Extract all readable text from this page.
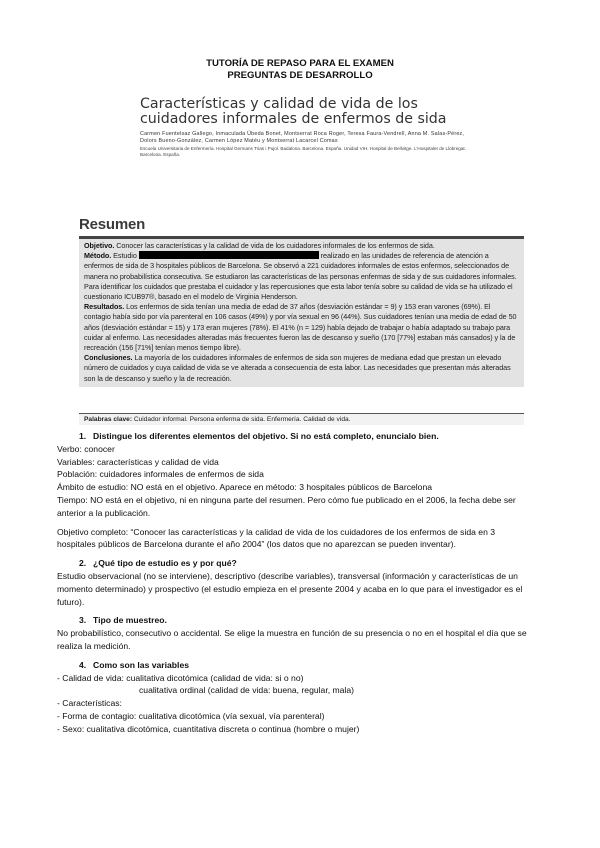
TUTORÍA DE REPASO PARA EL EXAMEN
PREGUNTAS DE DESARROLLO
Características y calidad de vida de los cuidadores informales de enfermos de sida
Carmen Fuentelsaz Gallego, Inmaculada Úbeda Bonet, Montserrat Roca Roger, Teresa Faura-Vendrell, Anna M. Salas-Pérez, Dolors Bueno-González, Carmen López Matéu y Montserrat Lacarcel Comas
Escuela Universitaria de Enfermería. Hospital Germans Trias i Pujol. Badalona. Barcelona. España. Unidad VIH. Hospital de Bellvitge. L'Hospitalet de Llobregat. Barcelona. España.
Resumen

Objetivo. Conocer las características y la calidad de vida de los cuidadores informales de los enfermos de sida.

Método. Estudio	realizado en las unidades de referencia de atención a enfermos de sida de 3 hospitales públicos de Barcelona. Se observó a 221 cuidadores informales de estos enfermos, seleccionados de manera no probabilística consecutiva. Se estudiaron las características de las personas enfermas de sida y de sus cuidadores informales. Para identificar los cuidados que prestaba el cuidador y las repercusiones que esta labor tenía sobre su calidad de vida se ha utilizado el cuestionario ICUB97®, basado en el modelo de Virginia Henderson.

Resultados. Los enfermos de sida tenían una media de edad de 37 años (desviación estándar = 9) y 153 eran varones (69%). El contagio había sido por vía parenteral en 106 casos (49%) y por vía sexual en 96 (44%). Sus cuidadores tenían una media de edad de 50 años (desviación estándar = 15) y 173 eran mujeres (78%). El 41% (n = 129) había dejado de trabajar o había adaptado su trabajo para cuidar al enfermo. Las necesidades alteradas más frecuentes fueron las de descanso y sueño (170 [77%] estaban más cansados) y la de recreación (156 [71%] tenían menos tiempo libre).

Conclusiones. La mayoría de los cuidadores informales de enfermos de sida son mujeres de mediana edad que prestan un elevado número de cuidados y cuya calidad de vida se ve alterada a consecuencia de esta labor. Las necesidades que presentan más alteradas son la de descanso y sueño y la de recreación.

Palabras clave: Cuidador informal. Persona enferma de sida. Enfermería. Calidad de vida.

1. Distingue los diferentes elementos del objetivo. Si no está completo, enuncialo bien.

Verbo: conocer

Variables: características y calidad de vida

Población: cuidadores informales de enfermos de sida

Ámbito de estudio: NO está en el objetivo. Aparece en método: 3 hospitales públicos de Barcelona

Tiempo: NO está en el objetivo, ni en ninguna parte del resumen. Pero cómo fue publicado en el 2006, la fecha debe ser anterior a la publicación.

Objetivo completo: “Conocer las características y la calidad de vida de los cuidadores de los enfermos de sida en 3 hospitales públicos de Barcelona durante el año 2004” (los datos que no aparezcan se pueden inventar).

2. ¿Qué tipo de estudio es y por qué?

Estudio observacional (no se interviene), descriptivo (describe variables), transversal (información y características de un momento determinado) y prospectivo (el estudio empieza en el presente 2004 y acaba en lo que para el investigador es el futuro).

3. Tipo de muestreo.

No probabilístico, consecutivo o accidental. Se elige la muestra en función de su presencia o no en el hospital el día que se realiza la medición.

4. Como son las variables

- Calidad de vida: cualitativa dicotómica (calidad de vida: si o no)

cualitativa ordinal (calidad de vida: buena, regular, mala)

- Características:

- Forma de contagio: cualitativa dicotómica (vía sexual, vía parenteral)

- Sexo: cualitativa dicotómica, cuantitativa discreta o continua (hombre o mujer)
